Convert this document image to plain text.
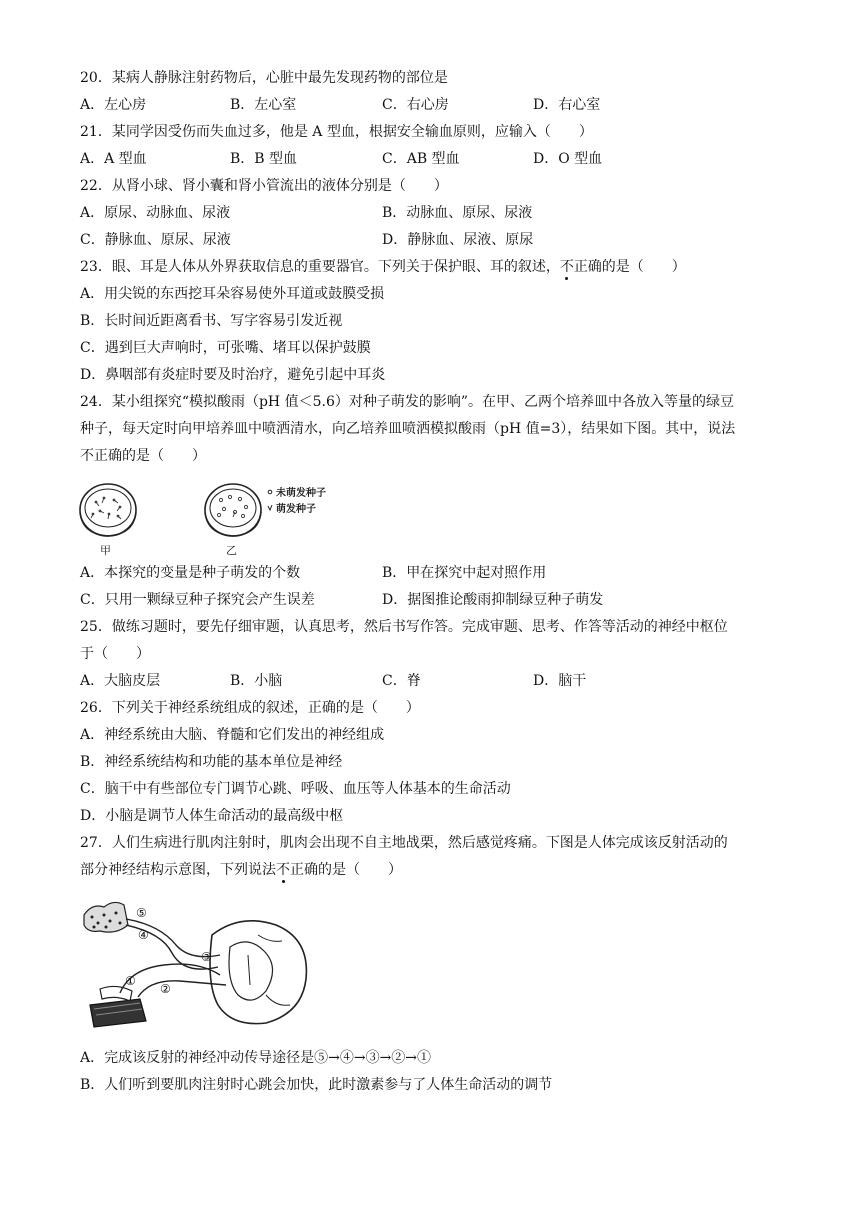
20．某病人静脉注射药物后，心脏中最先发现药物的部位是
A．左心房	B．左心室	C．右心房	D．右心室
21．某同学因受伤而失血过多，他是 A 型血，根据安全输血原则，应输入（　　）
A．A 型血	B．B 型血	C．AB 型血	D．O 型血
22．从肾小球、肾小囊和肾小管流出的液体分别是（　　）
A．原尿、动脉血、尿液	B．动脉血、原尿、尿液
C．静脉血、原尿、尿液	D．静脉血、尿液、原尿
23．眼、耳是人体从外界获取信息的重要器官。下列关于保护眼、耳的叙述，不正确的是（　　）
A．用尖锐的东西挖耳朵容易使外耳道或鼓膜受损
B．长时间近距离看书、写字容易引发近视
C．遇到巨大声响时，可张嘴、堵耳以保护鼓膜
D．鼻咽部有炎症时要及时治疗，避免引起中耳炎
24．某小组探究“模拟酸雨（pH 值＜5.6）对种子萌发的影响”。在甲、乙两个培养皿中各放入等量的绿豆
种子，每天定时向甲培养皿中喷洒清水，向乙培养皿喷洒模拟酸雨（pH 值=3），结果如下图。其中，说法
不正确的是（　　）
未萌发种子
萌发种子
甲	乙
A．本探究的变量是种子萌发的个数	B．甲在探究中起对照作用
C．只用一颗绿豆种子探究会产生误差	D．据图推论酸雨抑制绿豆种子萌发
25．做练习题时，要先仔细审题，认真思考，然后书写作答。完成审题、思考、作答等活动的神经中枢位
于（　　）
A．大脑皮层	B．小脑	C．脊	D．脑干
26．下列关于神经系统组成的叙述，正确的是（　　）
A．神经系统由大脑、脊髓和它们发出的神经组成
B．神经系统结构和功能的基本单位是神经
C．脑干中有些部位专门调节心跳、呼吸、血压等人体基本的生命活动
D．小脑是调节人体生命活动的最高级中枢
27．人们生病进行肌肉注射时，肌肉会出现不自主地战栗，然后感觉疼痛。下图是人体完成该反射活动的
部分神经结构示意图，下列说法不正确的是（　　）
⑤
④
③
②
①
A．完成该反射的神经冲动传导途径是⑤→④→③→②→①
B．人们听到要肌肉注射时心跳会加快，此时激素参与了人体生命活动的调节
